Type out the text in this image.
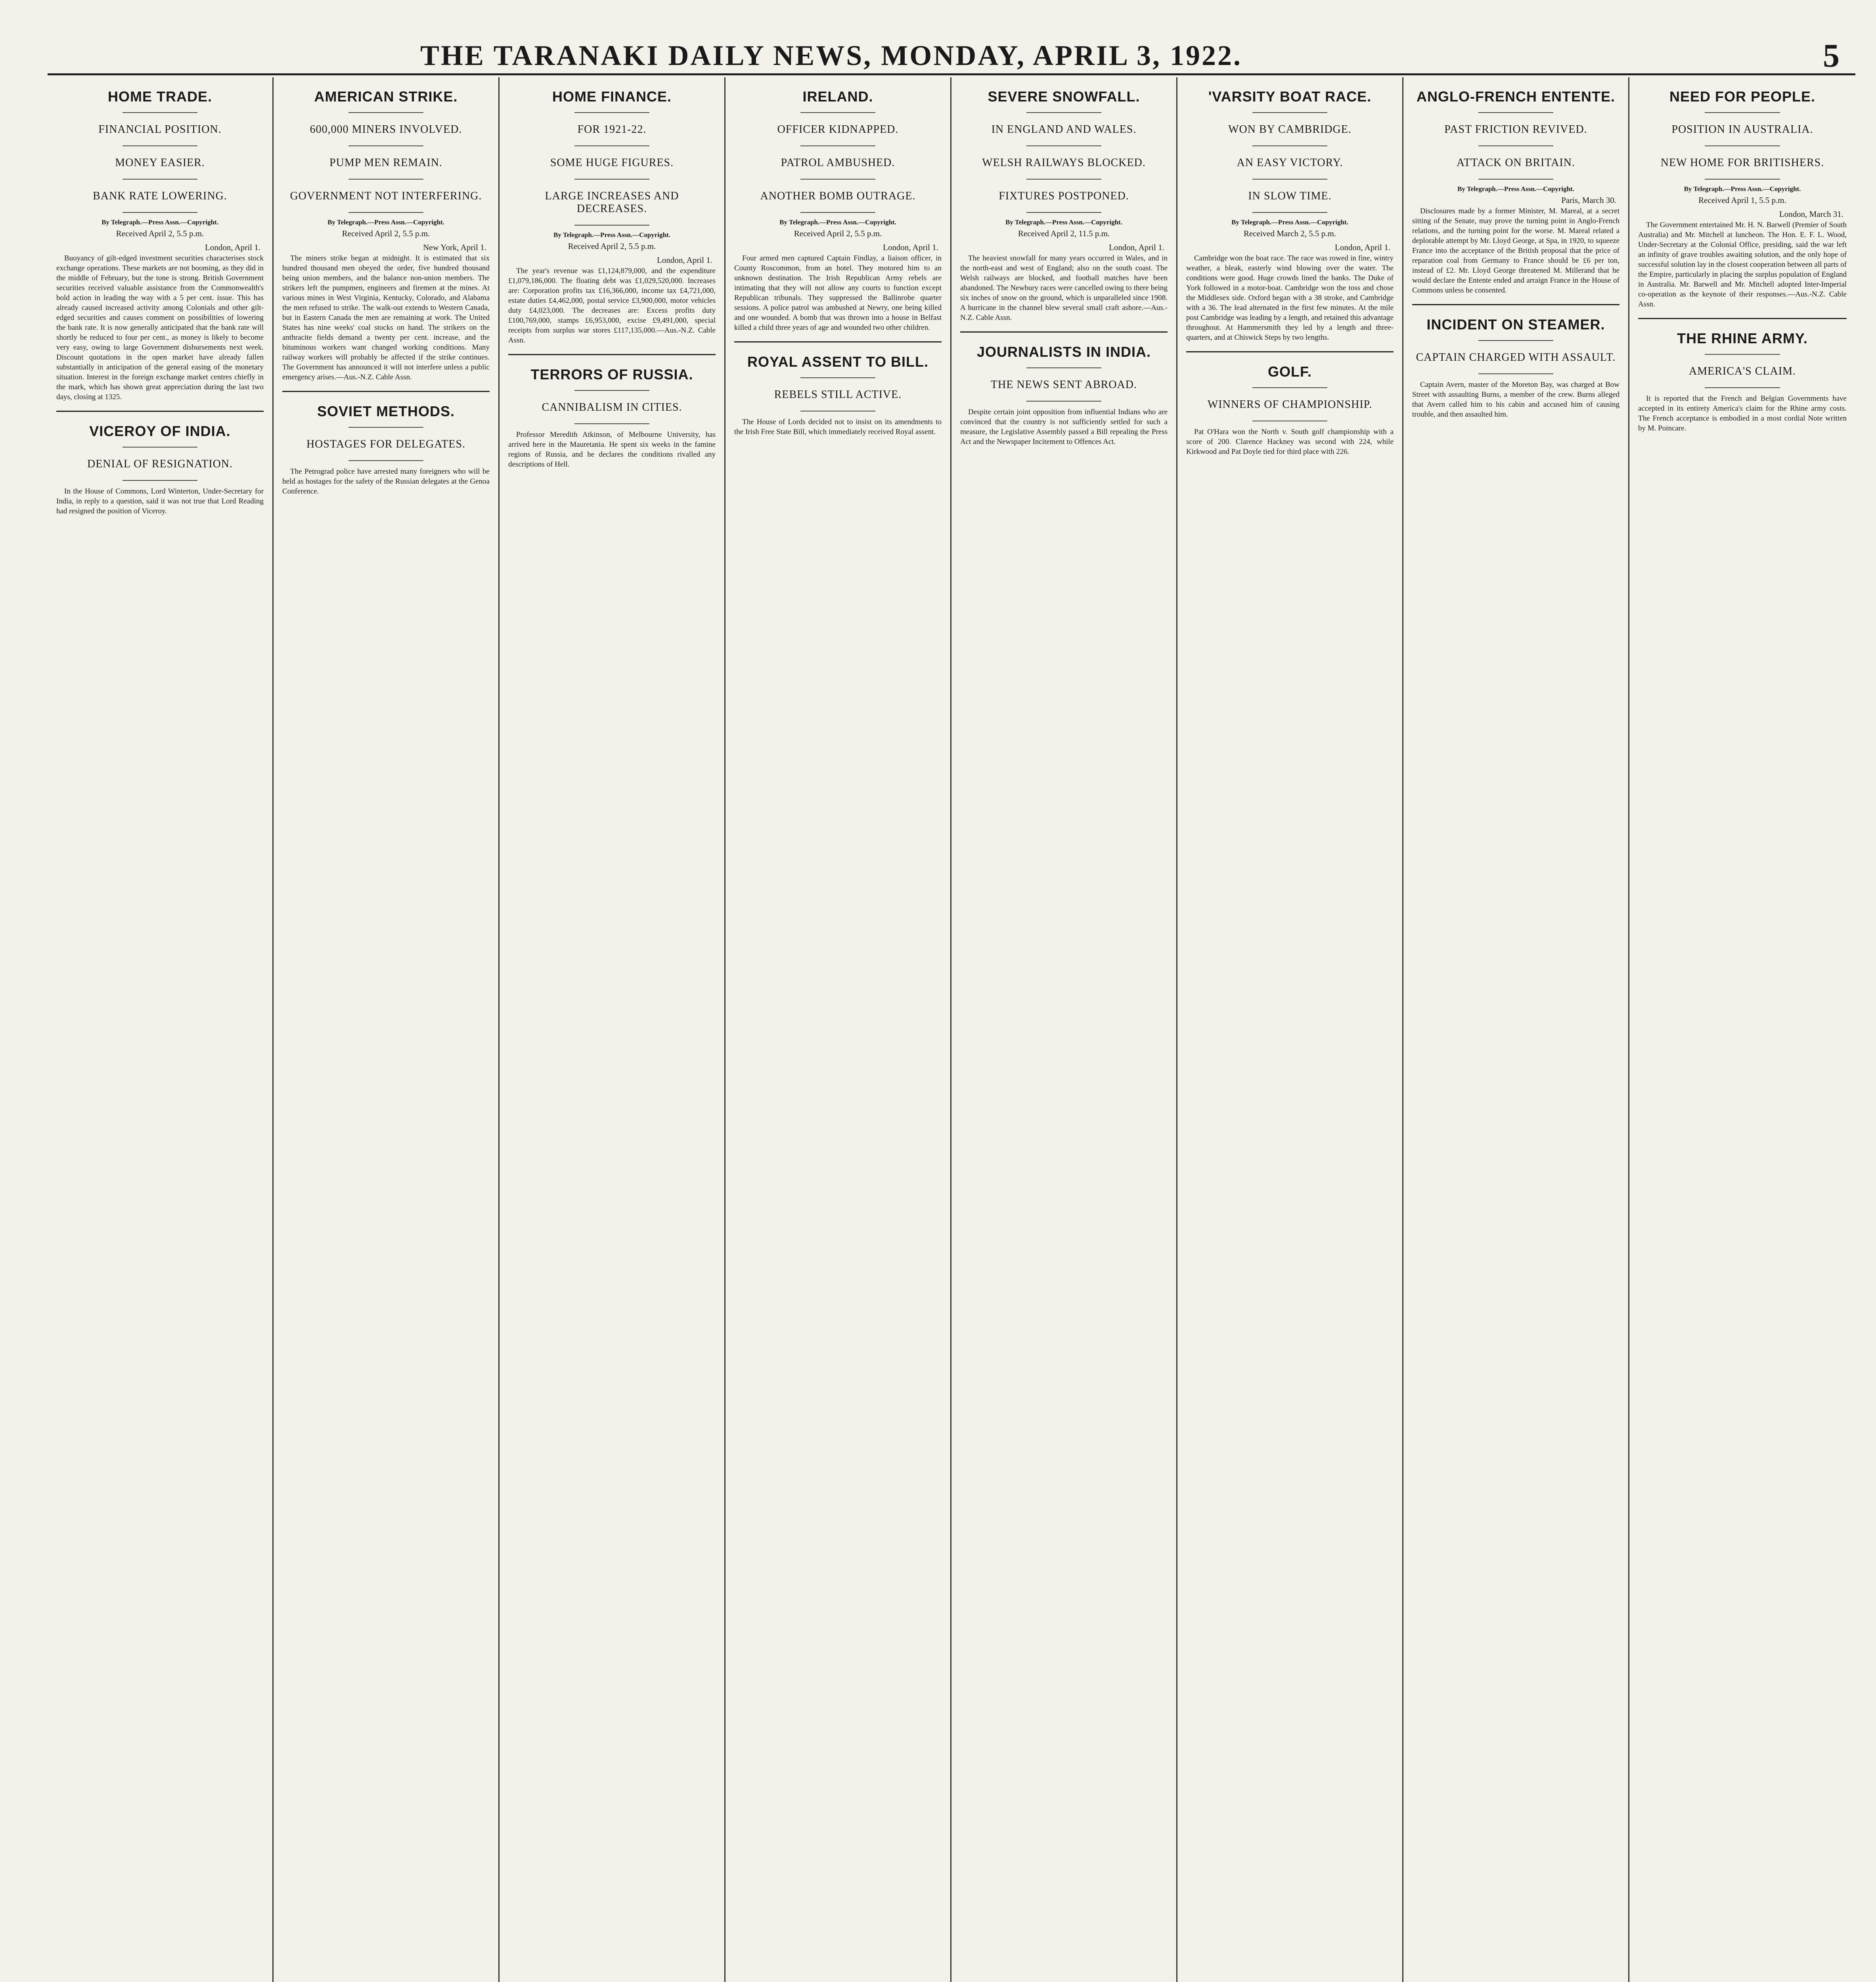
THE TARANAKI DAILY NEWS, MONDAY, APRIL 3, 1922.	5
HOME TRADE.
FINANCIAL POSITION.
MONEY EASIER.
BANK RATE LOWERING.
By Telegraph.—Press Assn.—Copyright.
Received April 2, 5.5 p.m.
London, April 1.

Buoyancy of gilt-edged investment securities characterises stock exchange operations. These markets are not booming, as they did in the middle of February, but the tone is strong. British Government securities received valuable assistance from the Commonwealth's bold action in leading the way with a 5 per cent. issue. This has already caused increased activity among Colonials and other gilt-edged securities and causes comment on possibilities of lowering the bank rate. It is now generally anticipated that the bank rate will shortly be reduced to four per cent., as money is likely to become very easy, owing to large Government disbursements next week. Discount quotations in the open market have already fallen substantially in anticipation of the general easing of the monetary situation. Interest in the foreign exchange market centres chiefly in the mark, which has shown great appreciation during the last two days, closing at 1325.

VICEROY OF INDIA.
DENIAL OF RESIGNATION.

In the House of Commons, Lord Winterton, Under-Secretary for India, in reply to a question, said it was not true that Lord Reading had resigned the position of Viceroy.

AMERICAN STRIKE.
600,000 MINERS INVOLVED.
PUMP MEN REMAIN.
GOVERNMENT NOT INTERFERING.
By Telegraph.—Press Assn.—Copyright.
Received April 2, 5.5 p.m.
New York, April 1.

The miners strike began at midnight. It is estimated that six hundred thousand men obeyed the order, five hundred thousand being union members, and the balance non-union members. The strikers left the pumpmen, engineers and firemen at the mines. At various mines in West Virginia, Kentucky, Colorado, and Alabama the men refused to strike. The walk-out extends to Western Canada, but in Eastern Canada the men are remaining at work. The United States has nine weeks' coal stocks on hand. The strikers on the anthracite fields demand a twenty per cent. increase, and the bituminous workers want changed working conditions. Many railway workers will probably be affected if the strike continues. The Government has announced it will not interfere unless a public emergency arises.—Aus.-N.Z. Cable Assn.

SOVIET METHODS.
HOSTAGES FOR DELEGATES.

The Petrograd police have arrested many foreigners who will be held as hostages for the safety of the Russian delegates at the Genoa Conference.

HOME FINANCE.
FOR 1921-22.
SOME HUGE FIGURES.
LARGE INCREASES AND DECREASES.
By Telegraph.—Press Assn.—Copyright.
Received April 2, 5.5 p.m.
London, April 1.

The year's revenue was £1,124,879,000, and the expenditure £1,079,186,000. The floating debt was £1,029,520,000. Increases are: Corporation profits tax £16,366,000, income tax £4,721,000, estate duties £4,462,000, postal service £3,900,000, motor vehicles duty £4,023,000. The decreases are: Excess profits duty £100,769,000, stamps £6,953,000, excise £9,491,000, special receipts from surplus war stores £117,135,000.—Aus.-N.Z. Cable Assn.

TERRORS OF RUSSIA.
CANNIBALISM IN CITIES.

Professor Meredith Atkinson, of Melbourne University, has arrived here in the Mauretania. He spent six weeks in the famine regions of Russia, and he declares the conditions rivalled any descriptions of Hell.

IRELAND.
OFFICER KIDNAPPED.
PATROL AMBUSHED.
ANOTHER BOMB OUTRAGE.
By Telegraph.—Press Assn.—Copyright.
Received April 2, 5.5 p.m.
London, April 1.

Four armed men captured Captain Findlay, a liaison officer, in County Roscommon, from an hotel. They motored him to an unknown destination. The Irish Republican Army rebels are intimating that they will not allow any courts to function except Republican tribunals. They suppressed the Ballinrobe quarter sessions. A police patrol was ambushed at Newry, one being killed and one wounded. A bomb that was thrown into a house in Belfast killed a child three years of age and wounded two other children.

ROYAL ASSENT TO BILL.
REBELS STILL ACTIVE.

The House of Lords decided not to insist on its amendments to the Irish Free State Bill, which immediately received Royal assent.

SEVERE SNOWFALL.
IN ENGLAND AND WALES.
WELSH RAILWAYS BLOCKED.
FIXTURES POSTPONED.
By Telegraph.—Press Assn.—Copyright.
Received April 2, 11.5 p.m.
London, April 1.

The heaviest snowfall for many years occurred in Wales, and in the north-east and west of England; also on the south coast. The Welsh railways are blocked, and football matches have been abandoned. The Newbury races were cancelled owing to there being six inches of snow on the ground, which is unparalleled since 1908. A hurricane in the channel blew several small craft ashore.—Aus.-N.Z. Cable Assn.

JOURNALISTS IN INDIA.
THE NEWS SENT ABROAD.

Despite certain joint opposition from influential Indians who are convinced that the country is not sufficiently settled for such a measure, the Legislative Assembly passed a Bill repealing the Press Act and the Newspaper Incitement to Offences Act.

'VARSITY BOAT RACE.
WON BY CAMBRIDGE.
AN EASY VICTORY.
IN SLOW TIME.
By Telegraph.—Press Assn.—Copyright.
Received March 2, 5.5 p.m.
London, April 1.

Cambridge won the boat race. The race was rowed in fine, wintry weather, a bleak, easterly wind blowing over the water. The conditions were good. Huge crowds lined the banks. The Duke of York followed in a motor-boat. Cambridge won the toss and chose the Middlesex side. Oxford began with a 38 stroke, and Cambridge with a 36. The lead alternated in the first few minutes. At the mile post Cambridge was leading by a length, and retained this advantage throughout. At Hammersmith they led by a length and three-quarters, and at Chiswick Steps by two lengths.

GOLF.
WINNERS OF CHAMPIONSHIP.

Pat O'Hara won the North v. South golf championship with a score of 200. Clarence Hackney was second with 224, while Kirkwood and Pat Doyle tied for third place with 226.

ANGLO-FRENCH ENTENTE.
PAST FRICTION REVIVED.
ATTACK ON BRITAIN.
By Telegraph.—Press Assn.—Copyright.
Paris, March 30.

Disclosures made by a former Minister, M. Mareal, at a secret sitting of the Senate, may prove the turning point in Anglo-French relations, and the turning point for the worse. M. Mareal related a deplorable attempt by Mr. Lloyd George, at Spa, in 1920, to squeeze France into the acceptance of the British proposal that the price of reparation coal from Germany to France should be £6 per ton, instead of £2. Mr. Lloyd George threatened M. Millerand that he would declare the Entente ended and arraign France in the House of Commons unless he consented.

INCIDENT ON STEAMER.
CAPTAIN CHARGED WITH ASSAULT.

Captain Avern, master of the Moreton Bay, was charged at Bow Street with assaulting Burns, a member of the crew. Burns alleged that Avern called him to his cabin and accused him of causing trouble, and then assaulted him.

NEED FOR PEOPLE.
POSITION IN AUSTRALIA.
NEW HOME FOR BRITISHERS.
By Telegraph.—Press Assn.—Copyright.
Received April 1, 5.5 p.m.
London, March 31.

The Government entertained Mr. H. N. Barwell (Premier of South Australia) and Mr. Mitchell at luncheon. The Hon. E. F. L. Wood, Under-Secretary at the Colonial Office, presiding, said the war left an infinity of grave troubles awaiting solution, and the only hope of successful solution lay in the closest cooperation between all parts of the Empire, particularly in placing the surplus population of England in Australia. Mr. Barwell and Mr. Mitchell adopted Inter-Imperial co-operation as the keynote of their responses.—Aus.-N.Z. Cable Assn.

THE RHINE ARMY.
AMERICA'S CLAIM.

It is reported that the French and Belgian Governments have accepted in its entirety America's claim for the Rhine army costs. The French acceptance is embodied in a most cordial Note written by M. Poincare.
